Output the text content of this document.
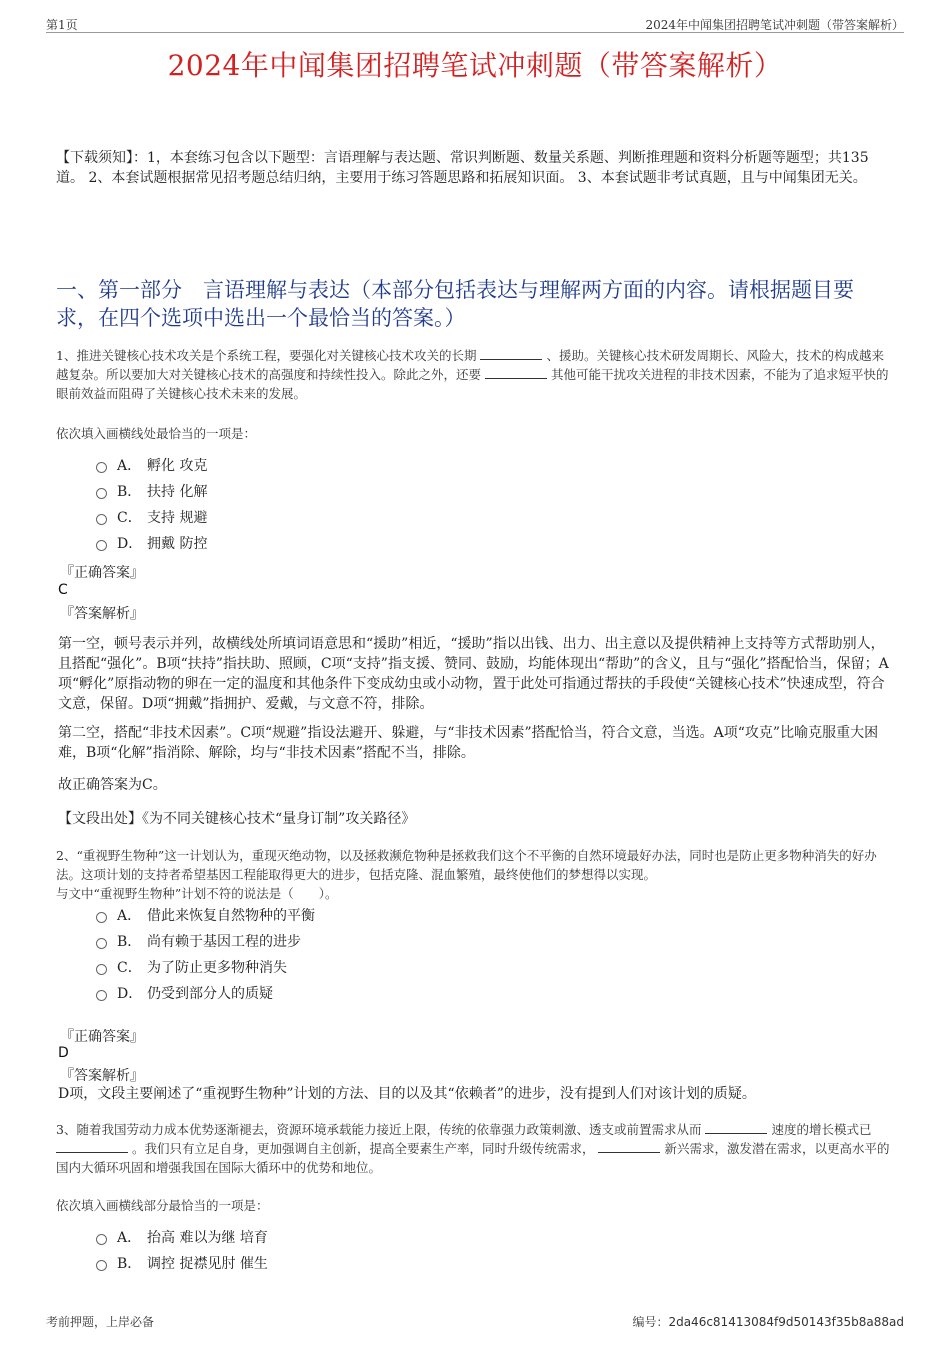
第1页	2024年中闻集团招聘笔试冲刺题（带答案解析）
2024年中闻集团招聘笔试冲刺题（带答案解析）
【下载须知】：1，本套练习包含以下题型：言语理解与表达题、常识判断题、数量关系题、判断推理题和资料分析题等题型；共135道。 2、本套试题根据常见招考题总结归纳，主要用于练习答题思路和拓展知识面。 3、本套试题非考试真题，且与中闻集团无关。
一、第一部分　言语理解与表达（本部分包括表达与理解两方面的内容。请根据题目要求，在四个选项中选出一个最恰当的答案。）
1、推进关键核心技术攻关是个系统工程，要强化对关键核心技术攻关的长期	、援助。关键核心技术研发周期长、风险大，技术的构成越来越复杂。所以要加大对关键核心技术的高强度和持续性投入。除此之外，还要	其他可能干扰攻关进程的非技术因素，不能为了追求短平快的眼前效益而阻碍了关键核心技术未来的发展。
依次填入画横线处最恰当的一项是：
A． 孵化 攻克
B． 扶持 化解
C． 支持 规避
D． 拥戴 防控
『正确答案』
C
『答案解析』
第一空，顿号表示并列，故横线处所填词语意思和“援助”相近，“援助”指以出钱、出力、出主意以及提供精神上支持等方式帮助别人，且搭配“强化”。B项“扶持”指扶助、照顾，C项“支持”指支援、赞同、鼓励，均能体现出“帮助”的含义，且与“强化”搭配恰当，保留；A项“孵化”原指动物的卵在一定的温度和其他条件下变成幼虫或小动物，置于此处可指通过帮扶的手段使“关键核心技术”快速成型，符合文意，保留。D项“拥戴”指拥护、爱戴，与文意不符，排除。
第二空，搭配“非技术因素”。C项“规避”指设法避开、躲避，与“非技术因素”搭配恰当，符合文意，当选。A项“攻克”比喻克服重大困难，B项“化解”指消除、解除，均与“非技术因素”搭配不当，排除。
故正确答案为C。
【文段出处】《为不同关键核心技术“量身订制”攻关路径》
2、“重视野生物种”这一计划认为，重现灭绝动物，以及拯救濒危物种是拯救我们这个不平衡的自然环境最好办法，同时也是防止更多物种消失的好办法。这项计划的支持者希望基因工程能取得更大的进步，包括克隆、混血繁殖，最终使他们的梦想得以实现。
与文中“重视野生物种”计划不符的说法是（　　）。
A． 借此来恢复自然物种的平衡
B． 尚有赖于基因工程的进步
C． 为了防止更多物种消失
D． 仍受到部分人的质疑
『正确答案』
D
『答案解析』
D项，文段主要阐述了“重视野生物种”计划的方法、目的以及其“依赖者”的进步，没有提到人们对该计划的质疑。
3、随着我国劳动力成本优势逐渐褪去，资源环境承载能力接近上限，传统的依靠强力政策刺激、透支或前置需求从而	速度的增长模式已  。我们只有立足自身，更加强调自主创新，提高全要素生产率，同时升级传统需求，	新兴需求，激发潜在需求，以更高水平的国内大循环巩固和增强我国在国际大循环中的优势和地位。
依次填入画横线部分最恰当的一项是：
A． 抬高 难以为继 培育
B． 调控 捉襟见肘 催生
考前押题，上岸必备	编号：2da46c81413084f9d50143f35b8a88ad
